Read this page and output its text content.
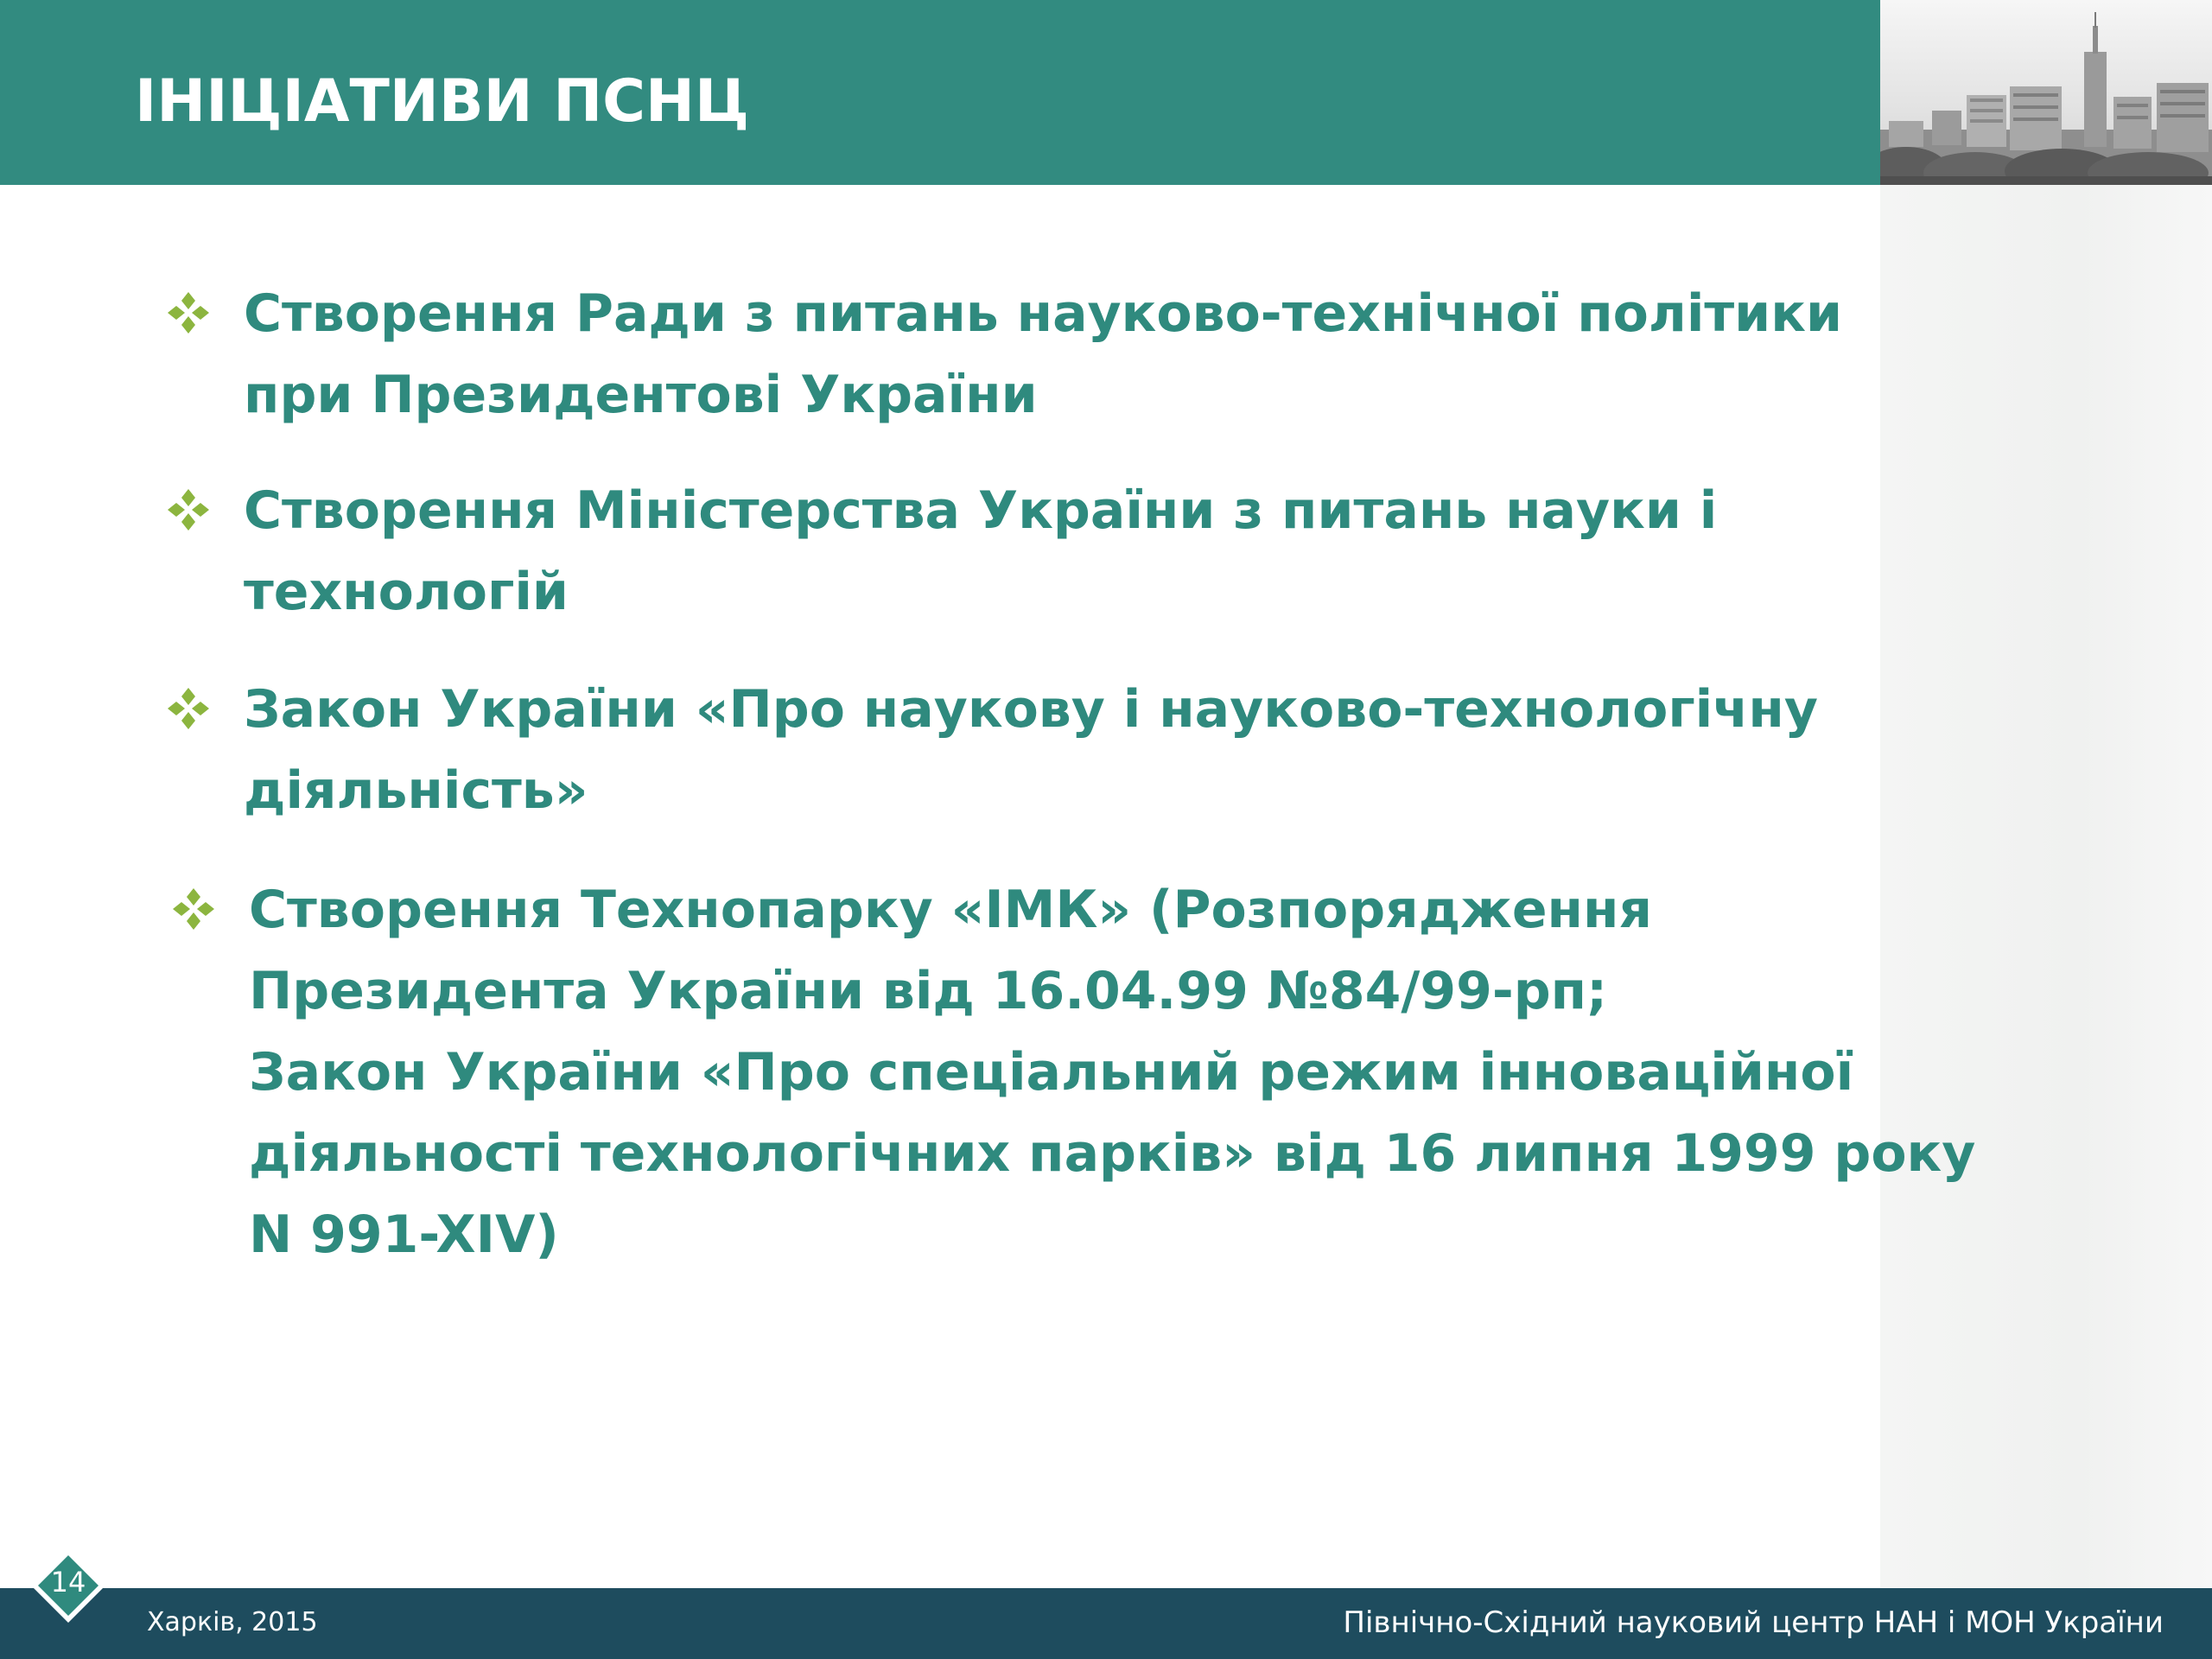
ІНІЦІАТИВИ ПСНЦ
Створення Ради з питань науково-технічної політики
при Президентові України
Створення Міністерства України з питань науки і
технологій
Закон України «Про наукову і науково-технологічну
діяльність»
Створення Технопарку «ІМК» (Розпорядження
Президента України від 16.04.99 №84/99-рп;
Закон України «Про спеціальний режим інноваційної
діяльності технологічних парків» від 16 липня 1999 року
N 991-XIV)
Харків, 2015	Північно-Східний науковий центр НАН і МОН України
14
